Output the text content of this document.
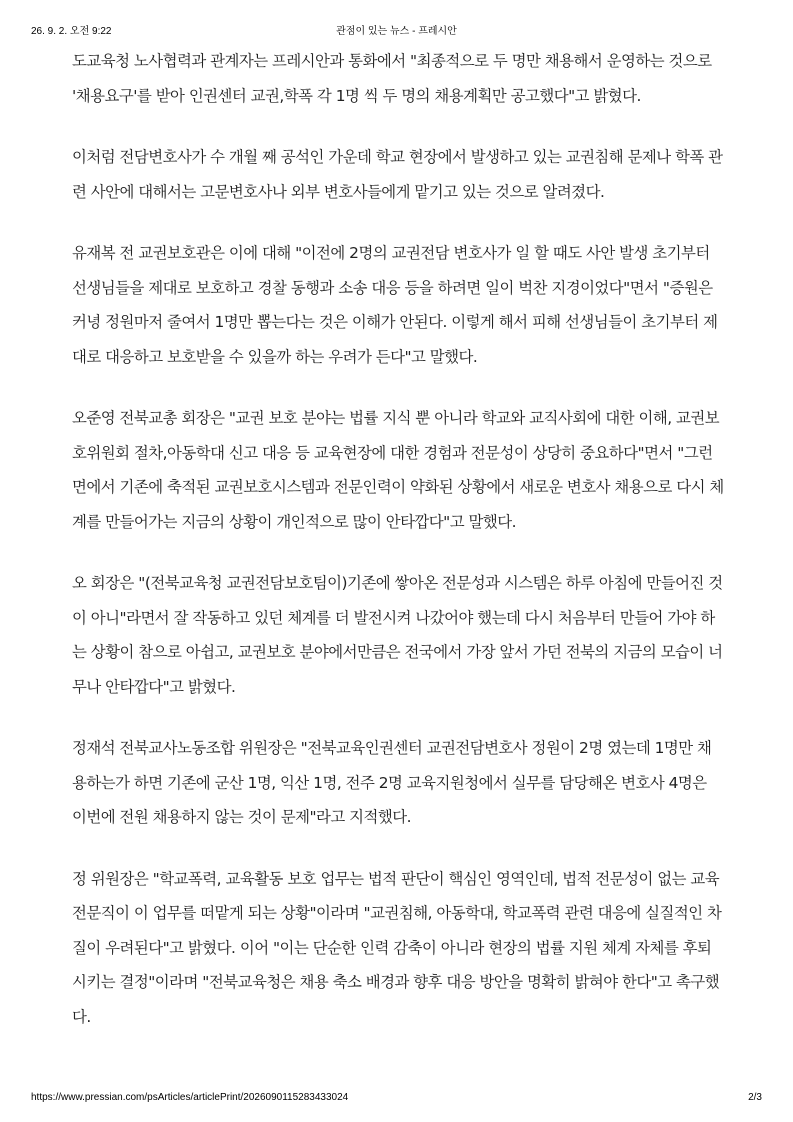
26. 9. 2. 오전 9:22	관점이 있는 뉴스 - 프레시안

도교육청 노사협력과 관계자는 프레시안과 통화에서 "최종적으로 두 명만 채용해서 운영하는 것으로 '채용요구'를 받아 인권센터 교권,학폭 각 1명 씩 두 명의 채용계획만 공고했다"고 밝혔다.

이처럼 전담변호사가 수 개월 째 공석인 가운데 학교 현장에서 발생하고 있는 교권침해 문제나 학폭 관련 사안에 대해서는 고문변호사나 외부 변호사들에게 맡기고 있는 것으로 알려졌다.

유재복 전 교권보호관은 이에 대해 "이전에 2명의 교권전담 변호사가 일 할 때도 사안 발생 초기부터 선생님들을 제대로 보호하고 경찰 동행과 소송 대응 등을 하려면 일이 벅찬 지경이었다"면서 "증원은 커녕 정원마저 줄여서 1명만 뽑는다는 것은 이해가 안된다. 이렇게 해서 피해 선생님들이 초기부터 제대로 대응하고 보호받을 수 있을까 하는 우려가 든다"고 말했다.

오준영 전북교총 회장은 "교권 보호 분야는 법률 지식 뿐 아니라 학교와 교직사회에 대한 이해, 교권보호위원회 절차,아동학대 신고 대응 등 교육현장에 대한 경험과 전문성이 상당히 중요하다"면서 "그런 면에서 기존에 축적된 교권보호시스템과 전문인력이 약화된 상황에서 새로운 변호사 채용으로 다시 체계를 만들어가는 지금의 상황이 개인적으로 많이 안타깝다"고 말했다.

오 회장은 "(전북교육청 교권전담보호팀이)기존에 쌓아온 전문성과 시스템은 하루 아침에 만들어진 것이 아니"라면서 잘 작동하고 있던 체계를 더 발전시켜 나갔어야 했는데 다시 처음부터 만들어 가야 하는 상황이 참으로 아쉽고, 교권보호 분야에서만큼은 전국에서 가장 앞서 가던 전북의 지금의 모습이 너무나 안타깝다"고 밝혔다.

정재석 전북교사노동조합 위원장은 "전북교육인권센터 교권전담변호사 정원이 2명 였는데 1명만 채용하는가 하면 기존에 군산 1명, 익산 1명, 전주 2명 교육지원청에서 실무를 담당해온 변호사 4명은 이번에 전원 채용하지 않는 것이 문제"라고 지적했다.

정 위원장은 "학교폭력, 교육활동 보호 업무는 법적 판단이 핵심인 영역인데, 법적 전문성이 없는 교육전문직이 이 업무를 떠맡게 되는 상황"이라며 "교권침해, 아동학대, 학교폭력 관련 대응에 실질적인 차질이 우려된다"고 밝혔다. 이어 "이는 단순한 인력 감축이 아니라 현장의 법률 지원 체계 자체를 후퇴시키는 결정"이라며 "전북교육청은 채용 축소 배경과 향후 대응 방안을 명확히 밝혀야 한다"고 촉구했다.

https://www.pressian.com/psArticles/articlePrint/2026090115283433024	2/3
